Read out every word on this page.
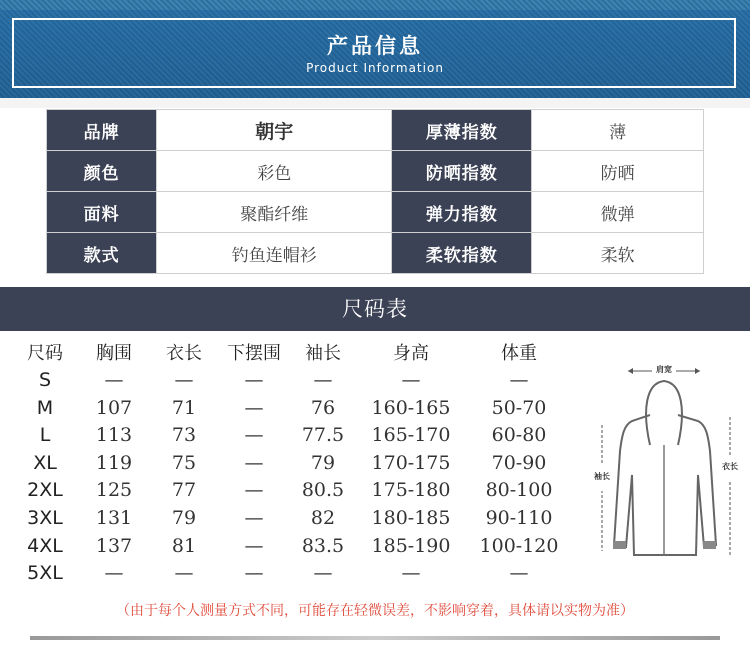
产品信息
Product Information
品牌	朝宇	厚薄指数	薄
颜色	彩色	防晒指数	防晒
面料	聚酯纤维	弹力指数	微弹
款式	钓鱼连帽衫	柔软指数	柔软
尺码表
尺码 胸围 衣长 下摆围 袖长	身高	体重
S	—	—	—	—	—	—
M 107 71	— 76 160-165 50-70
L 113 73	— 77.5 165-170 60-80
XL 119 75	— 79 170-175 70-90
2XL 125 77	— 80.5 175-180 80-100
3XL 131 79	— 82 180-185 90-110
4XL 137 81	— 83.5 185-190 100-120
5XL —	—	—	—	—	—
肩宽
袖长
衣长
（由于每个人测量方式不同，可能存在轻微误差，不影响穿着，具体请以实物为准）
